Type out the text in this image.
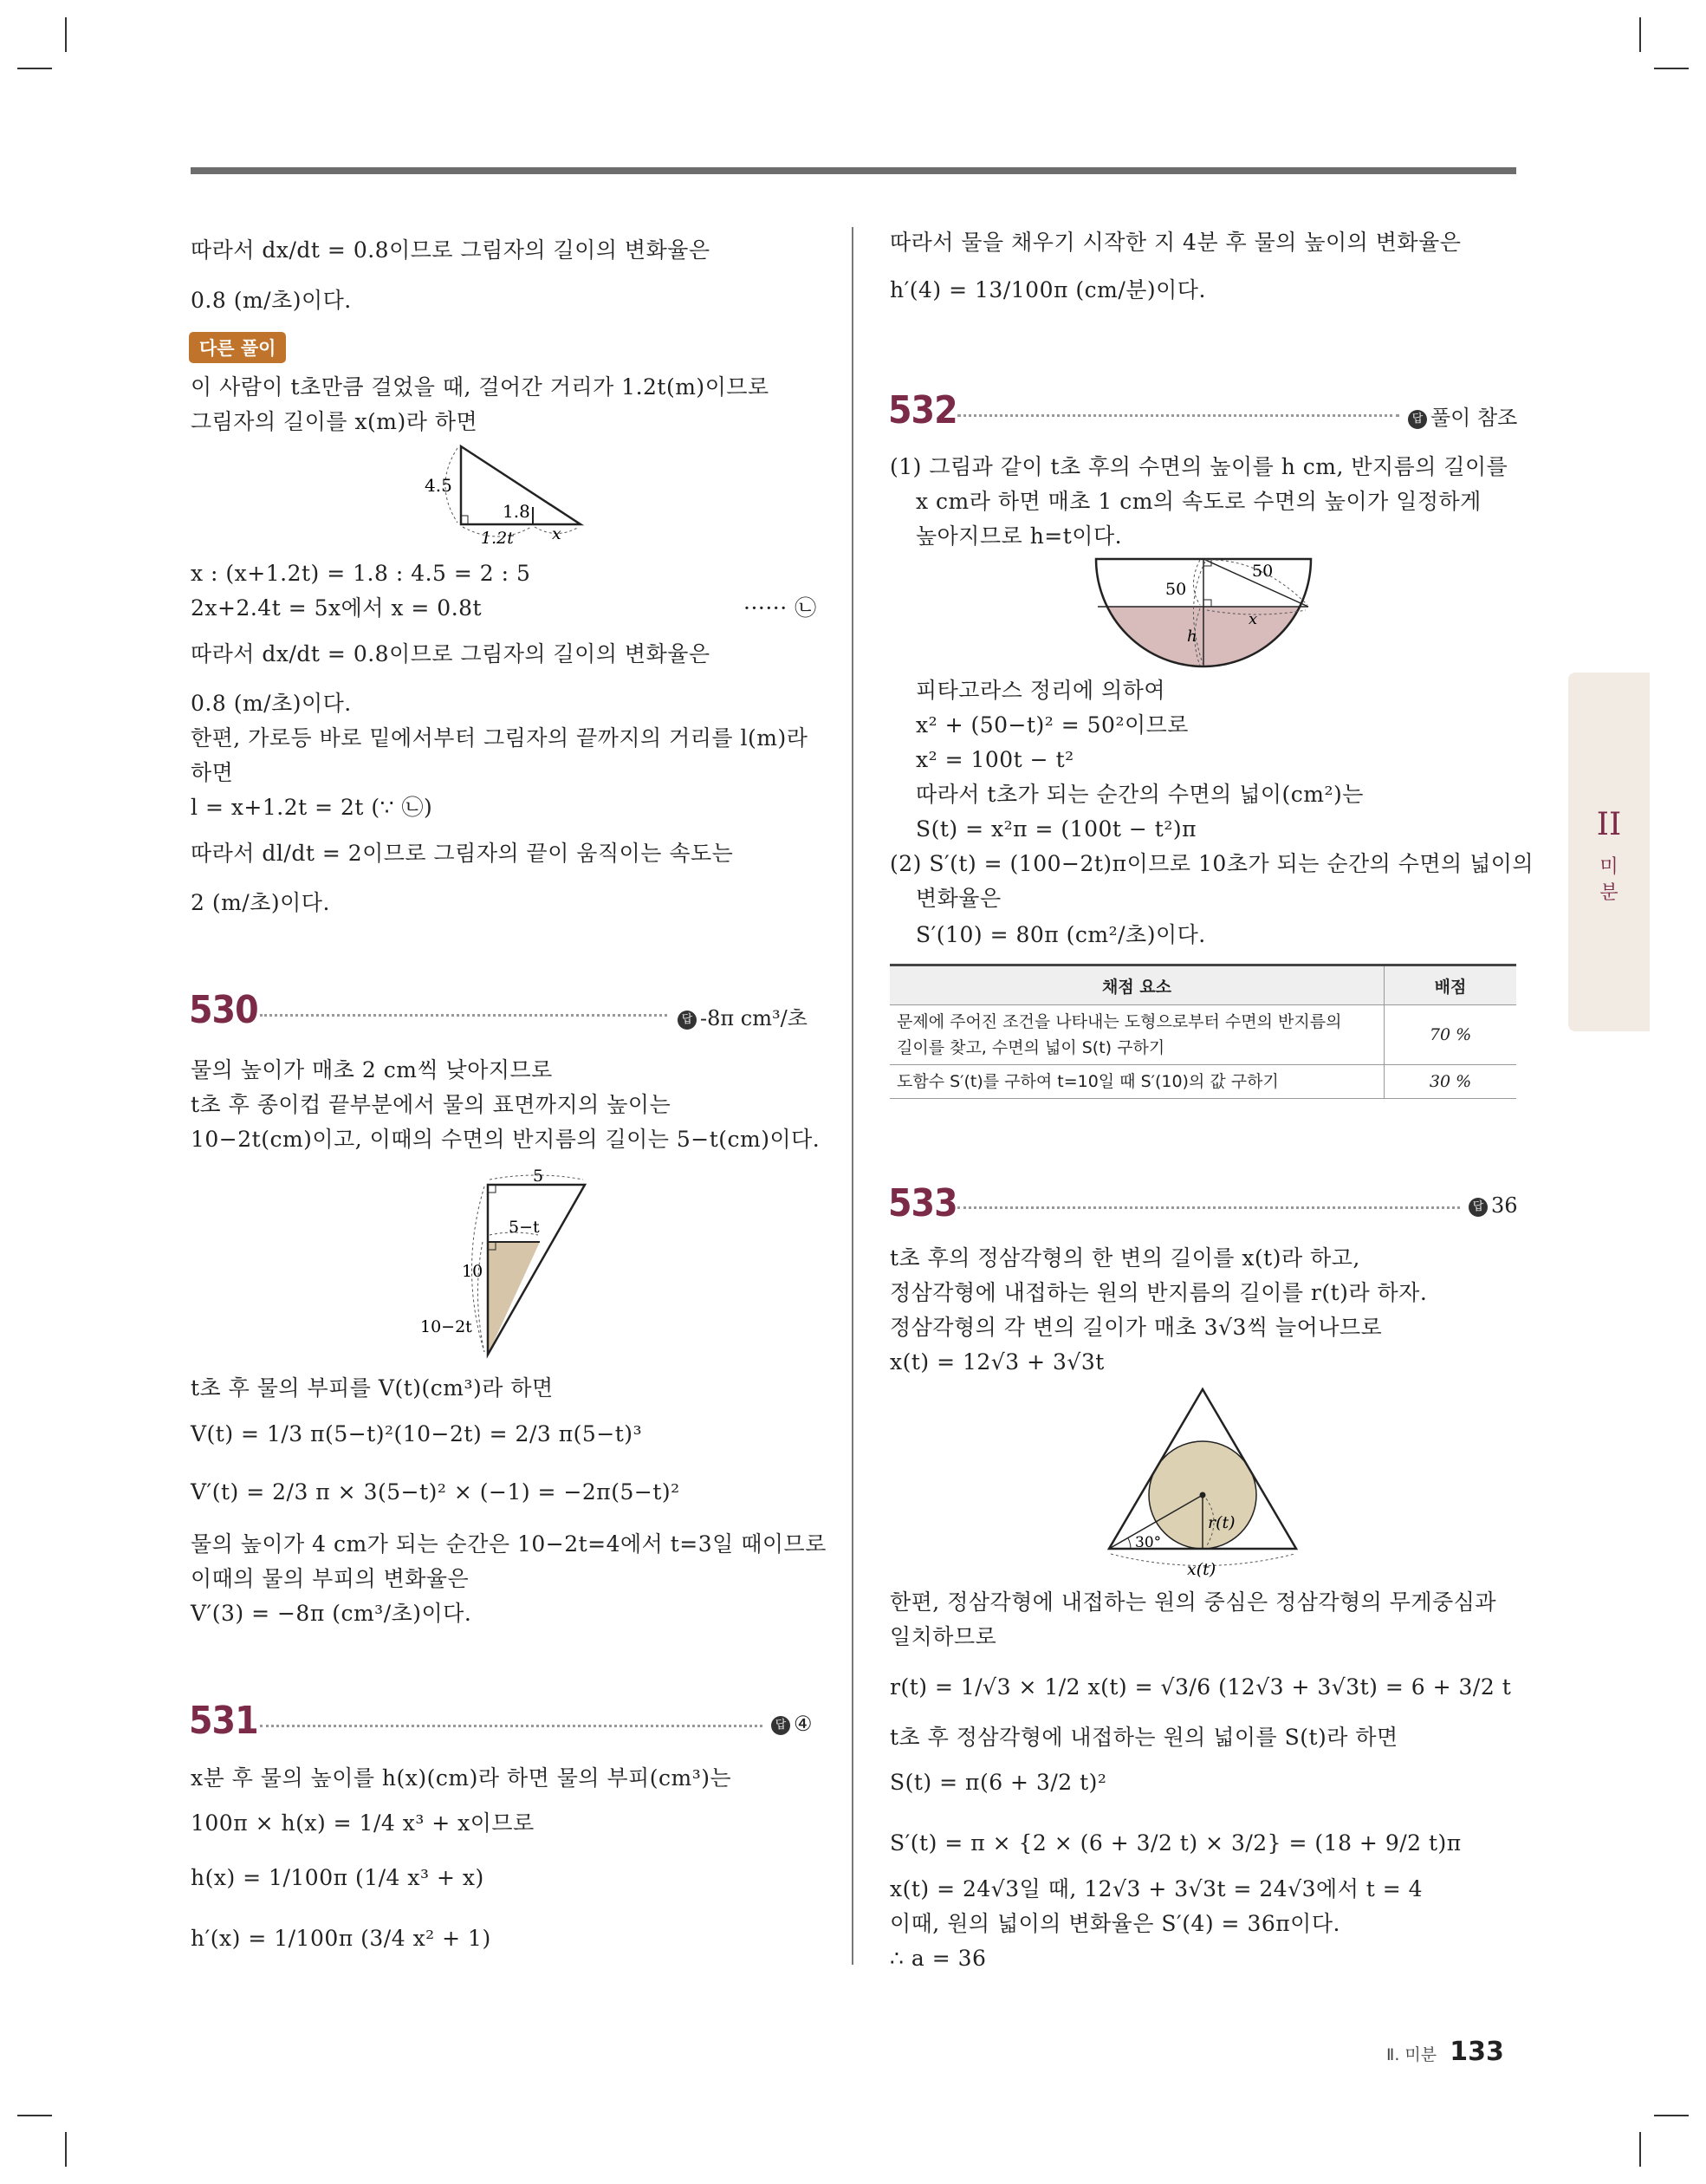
따라서 dx/dt = 0.8이므로 그림자의 길이의 변화율은
0.8 (m/초)이다.
다른 풀이
이 사람이 t초만큼 걸었을 때, 걸어간 거리가 1.2t(m)이므로
그림자의 길이를 x(m)라 하면
4.5
1.8
1.2t x
x : (x+1.2t) = 1.8 : 4.5 = 2 : 5
2x+2.4t = 5x에서 x = 0.8t	······ ㉡
따라서 dx/dt = 0.8이므로 그림자의 길이의 변화율은
0.8 (m/초)이다.
한편, 가로등 바로 밑에서부터 그림자의 끝까지의 거리를 l(m)라
하면
l = x+1.2t = 2t (∵ ㉡)
따라서 dl/dt = 2이므로 그림자의 끝이 움직이는 속도는
2 (m/초)이다.
530	답 -8π cm³/초
물의 높이가 매초 2 cm씩 낮아지므로
t초 후 종이컵 끝부분에서 물의 표면까지의 높이는
10−2t(cm)이고, 이때의 수면의 반지름의 길이는 5−t(cm)이다.
5
5−t
10
10−2t
t초 후 물의 부피를 V(t)(cm³)라 하면
V(t) = 1/3 π(5−t)²(10−2t) = 2/3 π(5−t)³
V′(t) = 2/3 π × 3(5−t)² × (−1) = −2π(5−t)²
물의 높이가 4 cm가 되는 순간은 10−2t=4에서 t=3일 때이므로
이때의 물의 부피의 변화율은
V′(3) = −8π (cm³/초)이다.
531	답 ④
x분 후 물의 높이를 h(x)(cm)라 하면 물의 부피(cm³)는
100π × h(x) = 1/4 x³ + x이므로
h(x) = 1/100π (1/4 x³ + x)
h′(x) = 1/100π (3/4 x² + 1)
따라서 물을 채우기 시작한 지 4분 후 물의 높이의 변화율은
h′(4) = 13/100π (cm/분)이다.
532	답 풀이 참조
(1) 그림과 같이 t초 후의 수면의 높이를 h cm, 반지름의 길이를
x cm라 하면 매초 1 cm의 속도로 수면의 높이가 일정하게
높아지므로 h=t이다.
50
50
x
h
피타고라스 정리에 의하여
x² + (50−t)² = 50²이므로
x² = 100t − t²
따라서 t초가 되는 순간의 수면의 넓이(cm²)는
S(t) = x²π = (100t − t²)π
(2) S′(t) = (100−2t)π이므로 10초가 되는 순간의 수면의 넓이의
변화율은
S′(10) = 80π (cm²/초)이다.
채점 요소	배점

문제에 주어진 조건을 나타내는 도형으로부터 수면의 반지름의
길이를 찾고, 수면의 넓이 S(t) 구하기	70 %
도함수 S′(t)를 구하여 t=10일 때 S′(10)의 값 구하기	30 %
533	답 36
t초 후의 정삼각형의 한 변의 길이를 x(t)라 하고,
정삼각형에 내접하는 원의 반지름의 길이를 r(t)라 하자.
정삼각형의 각 변의 길이가 매초 3√3씩 늘어나므로
x(t) = 12√3 + 3√3t
r(t)
30°
x(t)
한편, 정삼각형에 내접하는 원의 중심은 정삼각형의 무게중심과
일치하므로
r(t) = 1/√3 × 1/2 x(t) = √3/6 (12√3 + 3√3t) = 6 + 3/2 t
t초 후 정삼각형에 내접하는 원의 넓이를 S(t)라 하면
S(t) = π(6 + 3/2 t)²
S′(t) = π × {2 × (6 + 3/2 t) × 3/2} = (18 + 9/2 t)π
x(t) = 24√3일 때, 12√3 + 3√3t = 24√3에서 t = 4
이때, 원의 넓이의 변화율은 S′(4) = 36π이다.
∴ a = 36
II
미
분
Ⅱ. 미분 133
